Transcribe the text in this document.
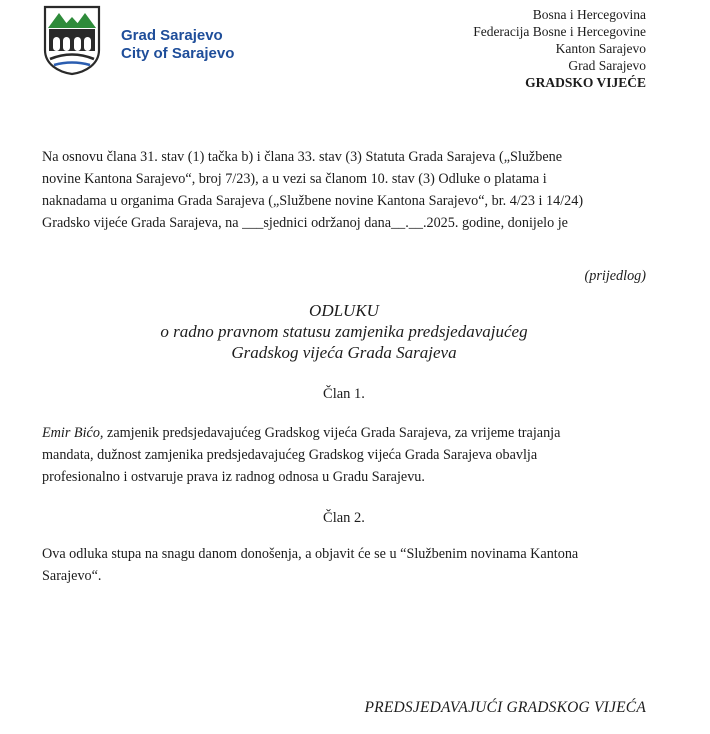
Grad Sarajevo
City of Sarajevo
Bosna i Hercegovina
Federacija Bosne i Hercegovine
Kanton Sarajevo
Grad Sarajevo
GRADSKO VIJEĆE

Na osnovu člana 31. stav (1) tačka b) i člana 33. stav (3) Statuta Grada Sarajeva („Službene

novine Kantona Sarajevo“, broj 7/23), a u vezi sa članom 10. stav (3) Odluke o platama i

naknadama u organima Grada Sarajeva („Službene novine Kantona Sarajevo“, br. 4/23 i 14/24)

Gradsko vijeće Grada Sarajeva, na ___sjednici održanoj dana__.__.2025. godine, donijelo je

(prijedlog)
ODLUKU
o radno pravnom statusu zamjenika predsjedavajućeg
Gradskog vijeća Grada Sarajeva
Član 1.

Emir Bićo, zamjenik predsjedavajućeg Gradskog vijeća Grada Sarajeva, za vrijeme trajanja

mandata, dužnost zamjenika predsjedavajućeg Gradskog vijeća Grada Sarajeva obavlja

profesionalno i ostvaruje prava iz radnog odnosa u Gradu Sarajevu.

Član 2.

Ova odluka stupa na snagu danom donošenja, a objavit će se u “Službenim novinama Kantona

Sarajevo“.

PREDSJEDAVAJUĆI GRADSKOG VIJEĆA
